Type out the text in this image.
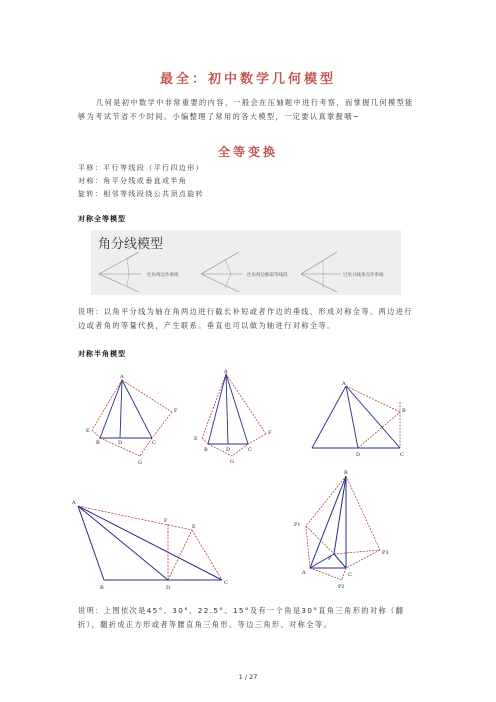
最全：初中数学几何模型
几何是初中数学中非常重要的内容，一般会在压轴题中进行考察，而掌握几何模型能够为考试节省不少时间。小编整理了常用的各大模型，一定要认真掌握哦~
全等变换
平移：平行等线段（平行四边形）
对称：角平分线或垂直或半角
旋转：相邻等线段绕公共顶点旋转
对称全等模型
角分线模型
往角两边作垂线	往角两边截取等线段	过角分线垂点作垂线
说明：以角平分线为轴在角两边进行截长补短或者作边的垂线，形成对称全等。两边进行边或者角的等量代换，产生联系。垂直也可以做为轴进行对称全等。
对称半角模型
A
F
E
B	D	C
G
A
F
E
B	D	C
G
A
B
D	C
A
F
E
B	D
C
B
P1
P3
P
A	C
P2
说明：上图依次是45°、30°、22.5°、15°及有一个角是30°直角三角形的对称（翻折），翻折成正方形或者等腰直角三角形、等边三角形、对称全等。
1 / 27
